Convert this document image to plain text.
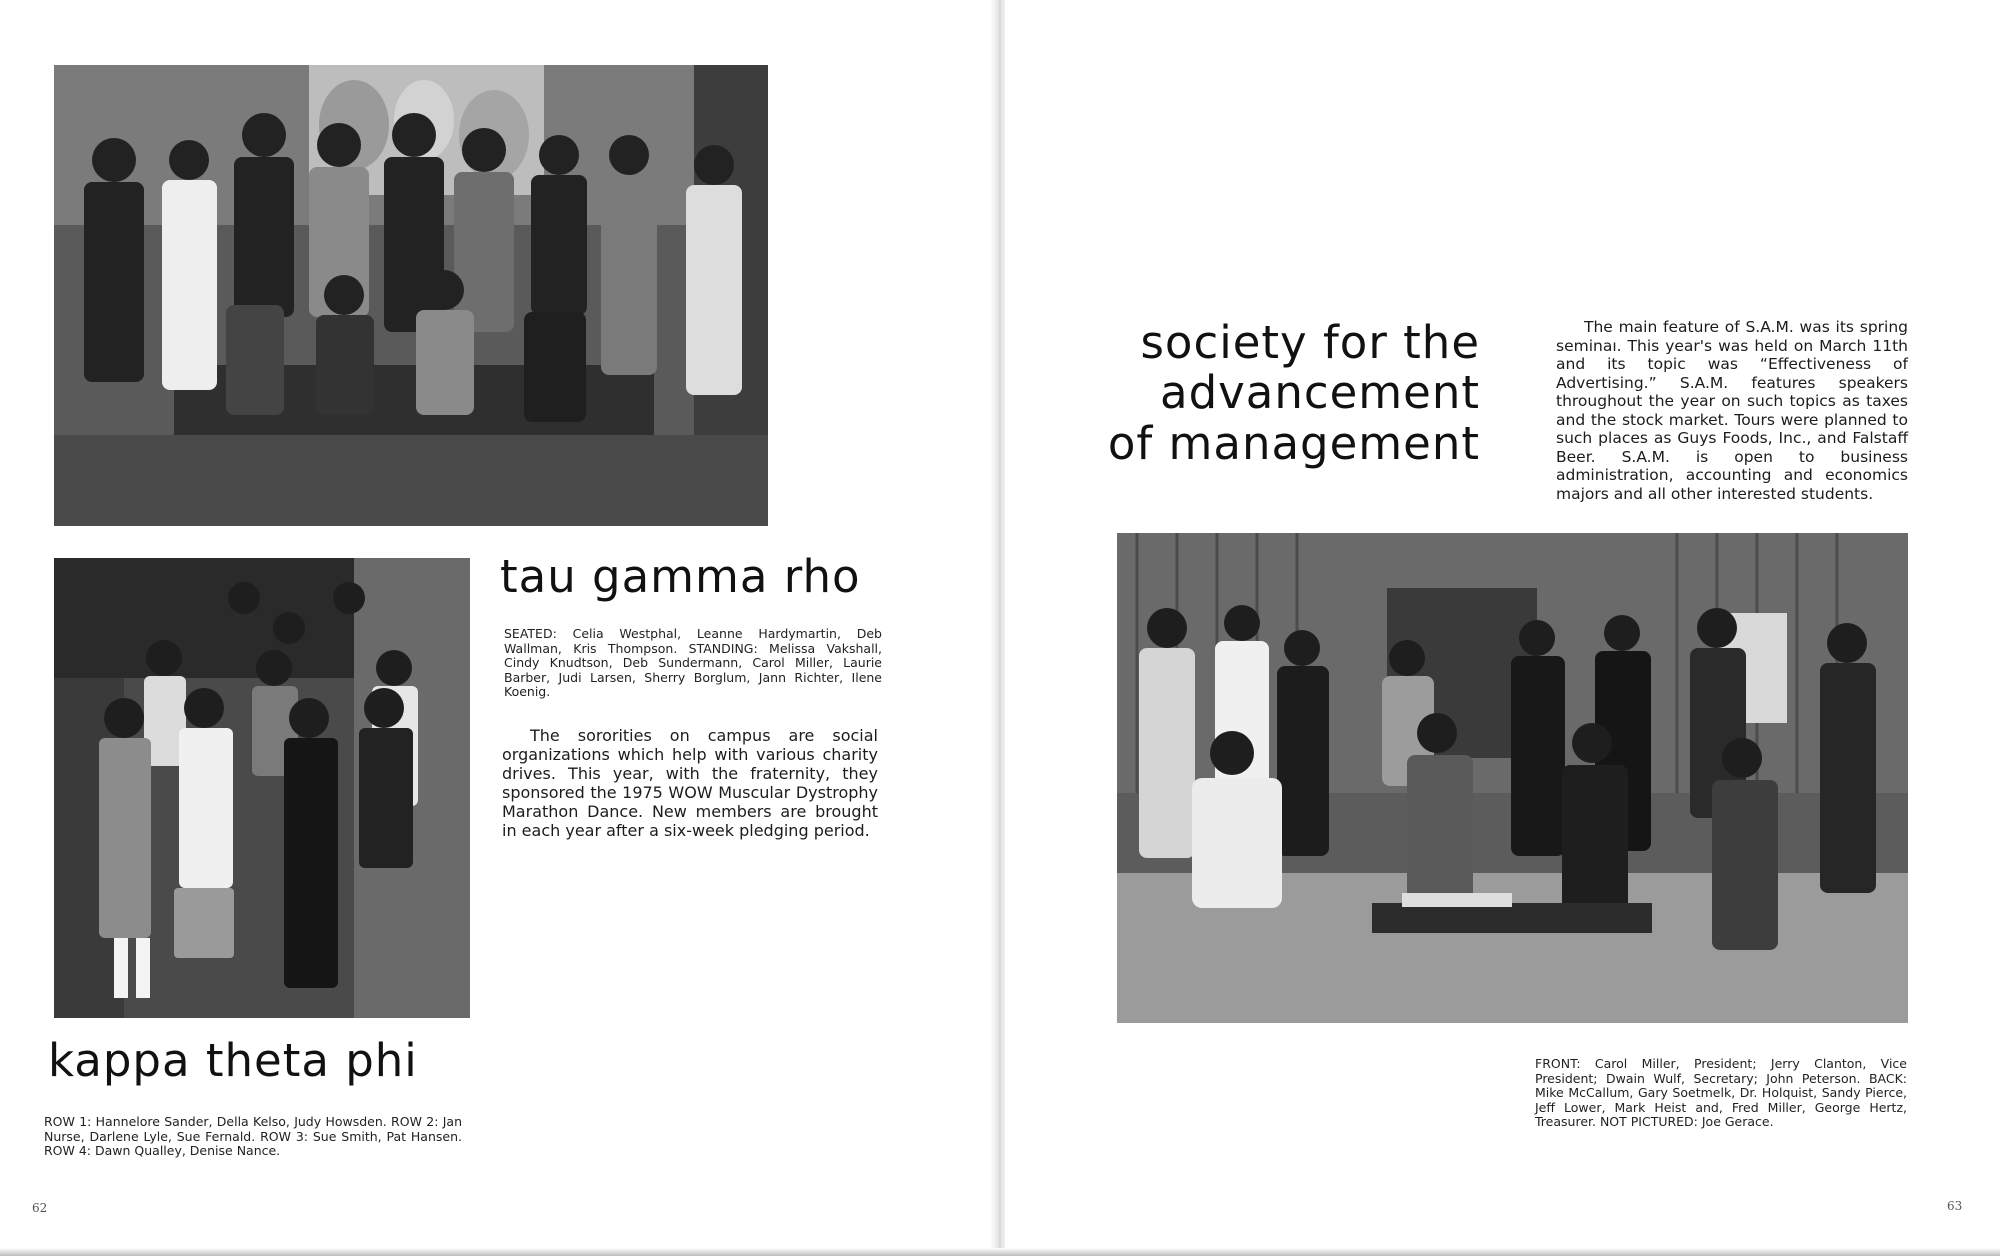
tau gamma rho

SEATED: Celia Westphal, Leanne Hardymartin, Deb Wallman, Kris Thompson. STANDING: Melissa Vakshall, Cindy Knudtson, Deb Sundermann, Carol Miller, Laurie Barber, Judi Larsen, Sherry Borglum, Jann Richter, Ilene Koenig.

The sororities on campus are social organizations which help with various charity drives. This year, with the fraternity, they sponsored the 1975 WOW Muscular Dystrophy Marathon Dance. New members are brought in each year after a six-week pledging period.

kappa theta phi

ROW 1: Hannelore Sander, Della Kelso, Judy Howsden. ROW 2: Jan Nurse, Darlene Lyle, Sue Fernald. ROW 3: Sue Smith, Pat Hansen. ROW 4: Dawn Qualley, Denise Nance.

62

society for the
advancement
of management

The main feature of S.A.M. was its spring seminaı. This year's was held on March 11th and its topic was “Effectiveness of Advertising.” S.A.M. features speakers throughout the year on such topics as taxes and the stock market. Tours were planned to such places as Guys Foods, Inc., and Falstaff Beer. S.A.M. is open to business administration, accounting and economics majors and all other interested students.

FRONT: Carol Miller, President; Jerry Clanton, Vice President; Dwain Wulf, Secretary; John Peterson. BACK: Mike McCallum, Gary Soetmelk, Dr. Holquist, Sandy Pierce, Jeff Lower, Mark Heist and, Fred Miller, George Hertz, Treasurer. NOT PICTURED: Joe Gerace.

63
